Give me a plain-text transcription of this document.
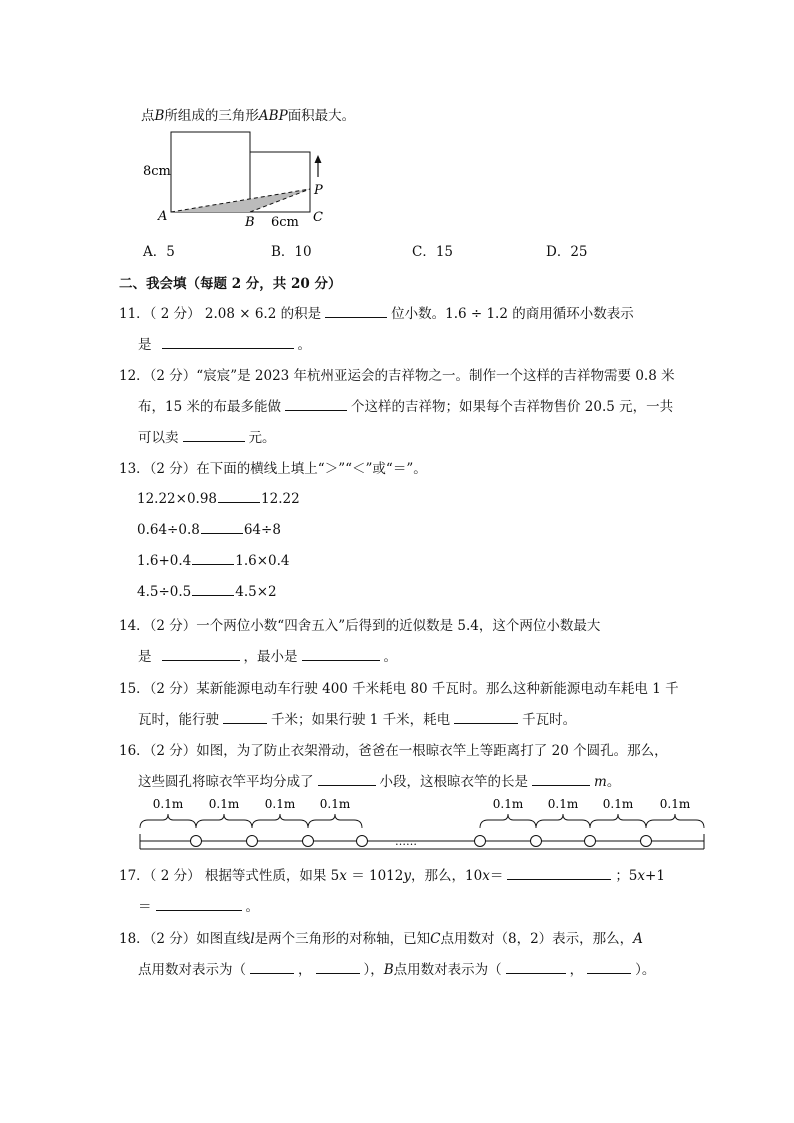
点B所组成的三角形ABP面积最大。
8cm
A	B 6cm C
P
A．5	B．10	C．15	D．25
二、我会填（每题 2 分，共 20 分）
11．（ 2 分） 2.08 × 6.2 的积是	位小数。1.6 ÷ 1.2 的商用循环小数表示
是	。
12．（2 分）“宸宸”是 2023 年杭州亚运会的吉祥物之一。制作一个这样的吉祥物需要 0.8 米
布，15 米的布最多能做	个这样的吉祥物；如果每个吉祥物售价 20.5 元，一共
可以卖	元。
13．（2 分）在下面的横线上填上“＞”“＜”或“＝”。
12.22×0.98	12.22
0.64÷0.8	64÷8
1.6+0.4	1.6×0.4
4.5÷0.5	4.5×2
14．（2 分）一个两位小数“四舍五入”后得到的近似数是 5.4，这个两位小数最大
是	，最小是	。
15．（2 分）某新能源电动车行驶 400 千米耗电 80 千瓦时。那么这种新能源电动车耗电 1 千
瓦时，能行驶	千米；如果行驶 1 千米，耗电	千瓦时。
16．（2 分）如图，为了防止衣架滑动，爸爸在一根晾衣竿上等距离打了 20 个圆孔。那么，
这些圆孔将晾衣竿平均分成了	小段，这根晾衣竿的长是	m。
0.1m 0.1m 0.1m 0.1m	0.1m 0.1m 0.1m 0.1m
……
17．（ 2 分） 根据等式性质，如果 5x ＝ 1012y，那么，10x＝	；5x+1
＝	。
18．（2 分）如图直线l是两个三角形的对称轴，已知C点用数对（8，2）表示，那么，A
点用数对表示为（	，	），B点用数对表示为（	，	）。
